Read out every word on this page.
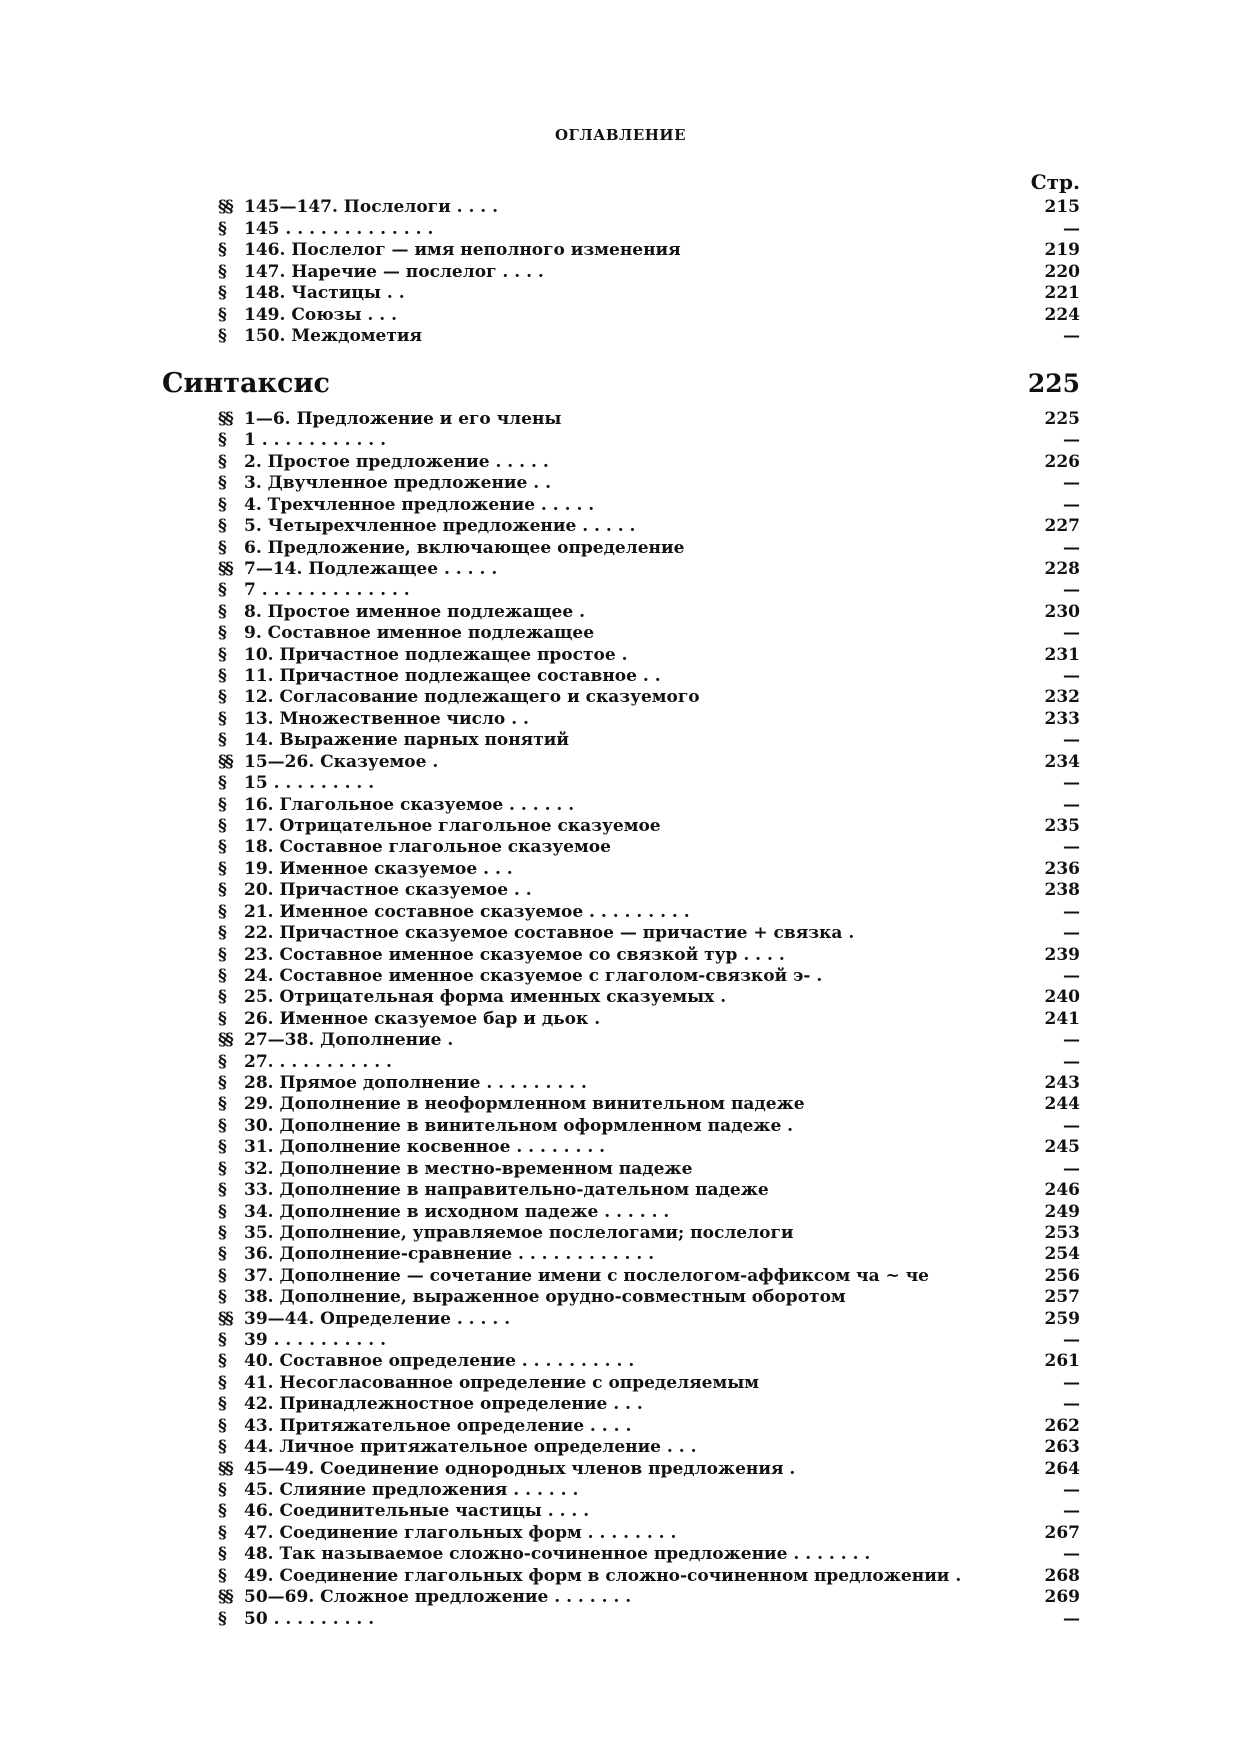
ОГЛАВЛЕНИЕ
Стр.
§§ 145—147. Послелоги . . . .	215
§	145 . . . . . . . . . . . . .	—
§	146. Послелог — имя неполного изменения	219
§	147. Наречие — послелог . . . .	220
§	148. Частицы . .	221
§	149. Союзы . . .	224
§	150. Междометия	—
Синтаксис	225
§§ 1—6. Предложение и его члены	225
§	1 . . . . . . . . . . .	—
§	2. Простое предложение . . . . .	226
§	3. Двучленное предложение . .	—
§	4. Трехчленное предложение . . . . .	—
§	5. Четырехчленное предложение . . . . .	227
§	6. Предложение, включающее определение	—
§§ 7—14. Подлежащее . . . . .	228
§	7 . . . . . . . . . . . . .	—
§	8. Простое именное подлежащее .	230
§	9. Составное именное подлежащее	—
§	10. Причастное подлежащее простое .	231
§	11. Причастное подлежащее составное . .	—
§	12. Согласование подлежащего и сказуемого	232
§	13. Множественное число . .	233
§	14. Выражение парных понятий	—
§§ 15—26. Сказуемое .	234
§	15 . . . . . . . . .	—
§	16. Глагольное сказуемое . . . . . .	—
§	17. Отрицательное глагольное сказуемое	235
§	18. Составное глагольное сказуемое	—
§	19. Именное сказуемое . . .	236
§	20. Причастное сказуемое . .	238
§	21. Именное составное сказуемое . . . . . . . . .	—
§	22. Причастное сказуемое составное — причастие + связка .	—
§	23. Составное именное сказуемое со связкой тур . . . .	239
§	24. Составное именное сказуемое с глаголом-связкой э- .	—
§	25. Отрицательная форма именных сказуемых .	240
§	26. Именное сказуемое бар и дьок .	241
§§ 27—38. Дополнение .	—
§	27. . . . . . . . . . .	—
§	28. Прямое дополнение . . . . . . . . .	243
§	29. Дополнение в неоформленном винительном падеже	244
§	30. Дополнение в винительном оформленном падеже .	—
§	31. Дополнение косвенное . . . . . . . .	245
§	32. Дополнение в местно-временном падеже	—
§	33. Дополнение в направительно-дательном падеже	246
§	34. Дополнение в исходном падеже . . . . . .	249
§	35. Дополнение, управляемое послелогами; послелоги	253
§	36. Дополнение-сравнение . . . . . . . . . . . .	254
§	37. Дополнение — сочетание имени с послелогом-аффиксом ча ~ че	256
§	38. Дополнение, выраженное орудно-совместным оборотом	257
§§ 39—44. Определение . . . . .	259
§	39 . . . . . . . . . .	—
§	40. Составное определение . . . . . . . . . .	261
§	41. Несогласованное определение с определяемым	—
§	42. Принадлежностное определение . . .	—
§	43. Притяжательное определение . . . .	262
§	44. Личное притяжательное определение . . .	263
§§ 45—49. Соединение однородных членов предложения .	264
§	45. Слияние предложения . . . . . .	—
§	46. Соединительные частицы . . . .	—
§	47. Соединение глагольных форм . . . . . . . .	267
§	48. Так называемое сложно-сочиненное предложение . . . . . . .	—
§	49. Соединение глагольных форм в сложно-сочиненном предложении .	268
§§ 50—69. Сложное предложение . . . . . . .	269
§	50 . . . . . . . . .	—
